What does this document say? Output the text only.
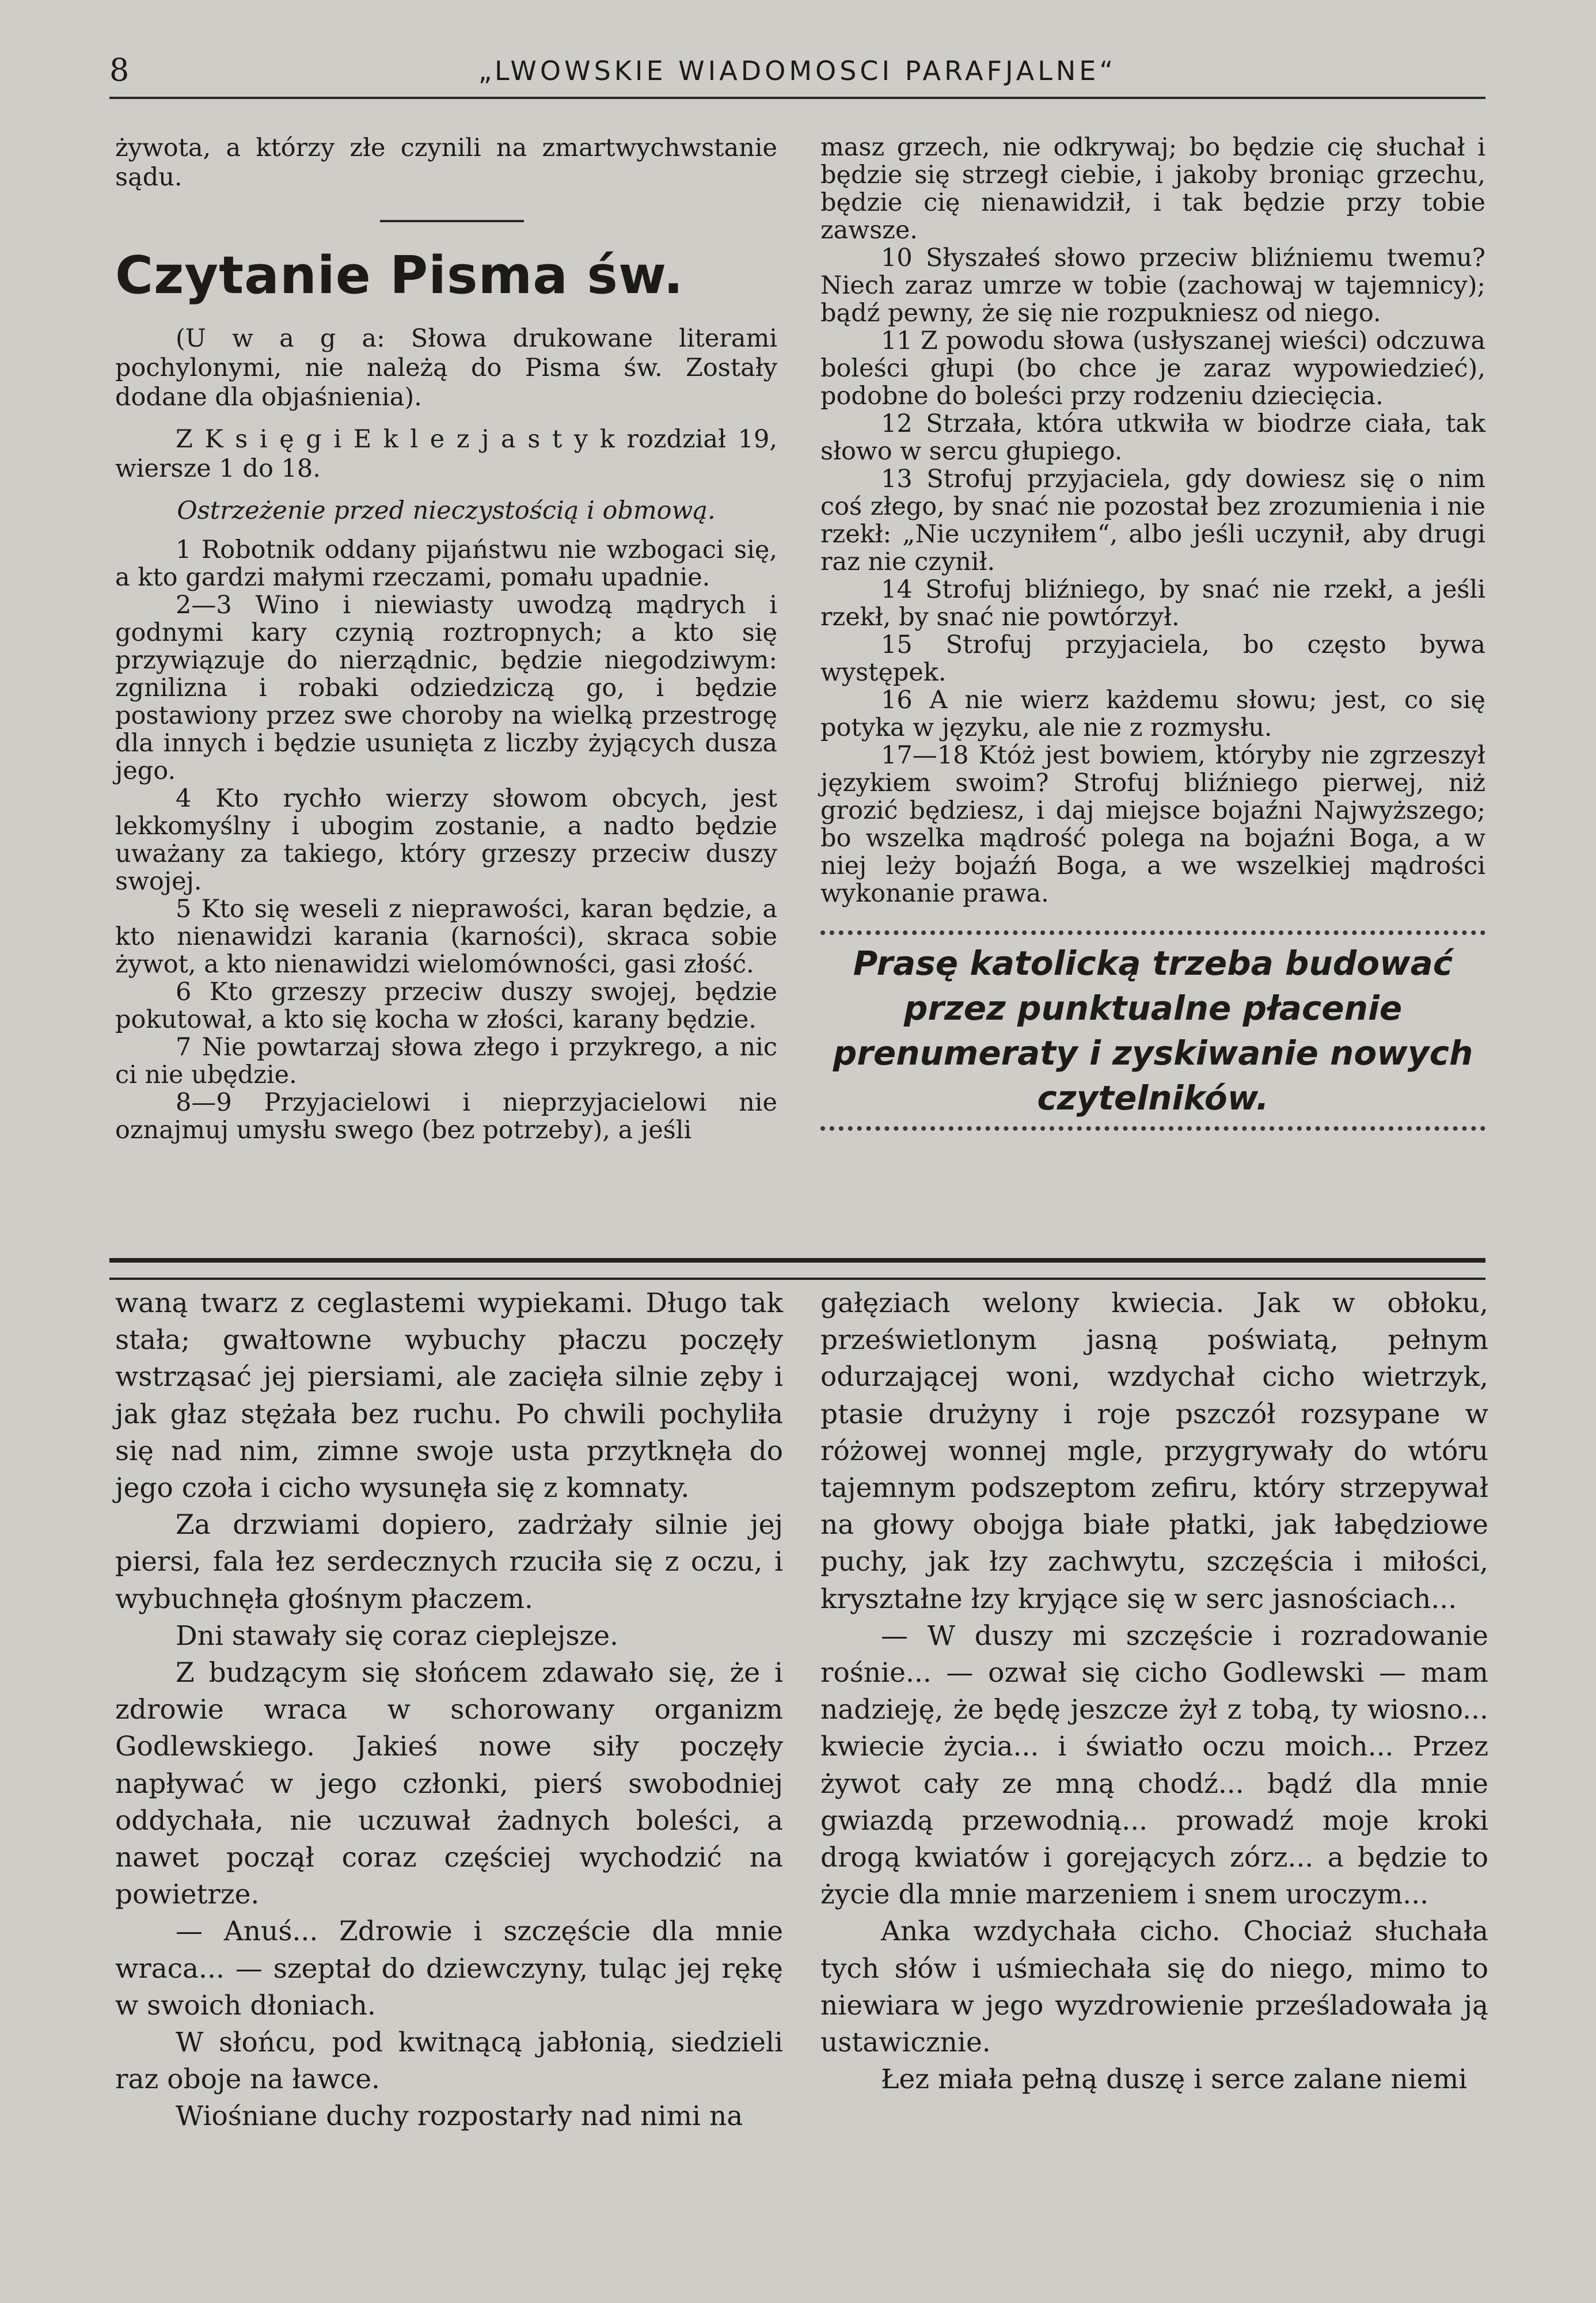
8	„LWOWSKIE WIADOMOSCI PARAFJALNE“

żywota, a którzy złe czynili na zmartwychwstanie sądu.

Czytanie Pisma św.

(U w a g a: Słowa drukowane literami pochylonymi, nie należą do Pisma św. Zostały dodane dla objaśnienia).

Z K s i ę g i E k l e z j a s t y k rozdział 19, wiersze 1 do 18.

Ostrzeżenie przed nieczystością i obmową.

1 Robotnik oddany pijaństwu nie wzbogaci się, a kto gardzi małymi rzeczami, pomału upadnie.

2—3 Wino i niewiasty uwodzą mądrych i godnymi kary czynią roztropnych; a kto się przywiązuje do nierządnic, będzie niegodziwym: zgnilizna i robaki odziedziczą go, i będzie postawiony przez swe choroby na wielką przestrogę dla innych i będzie usunięta z liczby żyjących dusza jego.

4 Kto rychło wierzy słowom obcych, jest lekkomyślny i ubogim zostanie, a nadto będzie uważany za takiego, który grzeszy przeciw duszy swojej.

5 Kto się weseli z nieprawości, karan będzie, a kto nienawidzi karania (karności), skraca sobie żywot, a kto nienawidzi wielomówności, gasi złość.

6 Kto grzeszy przeciw duszy swojej, będzie pokutował, a kto się kocha w złości, karany będzie.

7 Nie powtarzaj słowa złego i przykrego, a nic ci nie ubędzie.

8—9 Przyjacielowi i nieprzyjacielowi nie oznajmuj umysłu swego (bez potrzeby), a jeśli

masz grzech, nie odkrywaj; bo będzie cię słuchał i będzie się strzegł ciebie, i jakoby broniąc grzechu, będzie cię nienawidził, i tak będzie przy tobie zawsze.

10 Słyszałeś słowo przeciw bliźniemu twemu? Niech zaraz umrze w tobie (zachowaj w tajemnicy); bądź pewny, że się nie rozpukniesz od niego.

11 Z powodu słowa (usłyszanej wieści) odczuwa boleści głupi (bo chce je zaraz wypowiedzieć), podobne do boleści przy rodzeniu dziecięcia.

12 Strzała, która utkwiła w biodrze ciała, tak słowo w sercu głupiego.

13 Strofuj przyjaciela, gdy dowiesz się o nim coś złego, by snać nie pozostał bez zrozumienia i nie rzekł: „Nie uczyniłem“, albo jeśli uczynił, aby drugi raz nie czynił.

14 Strofuj bliźniego, by snać nie rzekł, a jeśli rzekł, by snać nie powtórzył.

15 Strofuj przyjaciela, bo często bywa występek.

16 A nie wierz każdemu słowu; jest, co się potyka w języku, ale nie z rozmysłu.

17—18 Któż jest bowiem, któryby nie zgrzeszył językiem swoim? Strofuj bliźniego pierwej, niż grozić będziesz, i daj miejsce bojaźni Najwyższego; bo wszelka mądrość polega na bojaźni Boga, a w niej leży bojaźń Boga, a we wszelkiej mądrości wykonanie prawa.

Prasę katolicką trzeba budować przez punktualne płacenie prenumeraty i zyskiwanie nowych czytelników.

waną twarz z ceglastemi wypiekami. Długo tak stała; gwałtowne wybuchy płaczu poczęły wstrząsać jej piersiami, ale zacięła silnie zęby i jak głaz stężała bez ruchu. Po chwili pochyliła się nad nim, zimne swoje usta przytknęła do jego czoła i cicho wysunęła się z komnaty.

Za drzwiami dopiero, zadrżały silnie jej piersi, fala łez serdecznych rzuciła się z oczu, i wybuchnęła głośnym płaczem.

Dni stawały się coraz cieplejsze.

Z budzącym się słońcem zdawało się, że i zdrowie wraca w schorowany organizm Godlewskiego. Jakieś nowe siły poczęły napływać w jego członki, pierś swobodniej oddychała, nie uczuwał żadnych boleści, a nawet począł coraz częściej wychodzić na powietrze.

— Anuś... Zdrowie i szczęście dla mnie wraca... — szeptał do dziewczyny, tuląc jej rękę w swoich dłoniach.

W słońcu, pod kwitnącą jabłonią, siedzieli raz oboje na ławce.

Wiośniane duchy rozpostarły nad nimi na

gałęziach welony kwiecia. Jak w obłoku, prześwietlonym jasną poświatą, pełnym odurzającej woni, wzdychał cicho wietrzyk, ptasie drużyny i roje pszczół rozsypane w różowej wonnej mgle, przygrywały do wtóru tajemnym podszeptom zefiru, który strzepywał na głowy obojga białe płatki, jak łabędziowe puchy, jak łzy zachwytu, szczęścia i miłości, kryształne łzy kryjące się w serc jasnościach...

— W duszy mi szczęście i rozradowanie rośnie... — ozwał się cicho Godlewski — mam nadzieję, że będę jeszcze żył z tobą, ty wiosno... kwiecie życia... i światło oczu moich... Przez żywot cały ze mną chodź... bądź dla mnie gwiazdą przewodnią... prowadź moje kroki drogą kwiatów i gorejących zórz... a będzie to życie dla mnie marzeniem i snem uroczym...

Anka wzdychała cicho. Chociaż słuchała tych słów i uśmiechała się do niego, mimo to niewiara w jego wyzdrowienie prześladowała ją ustawicznie.

Łez miała pełną duszę i serce zalane niemi
